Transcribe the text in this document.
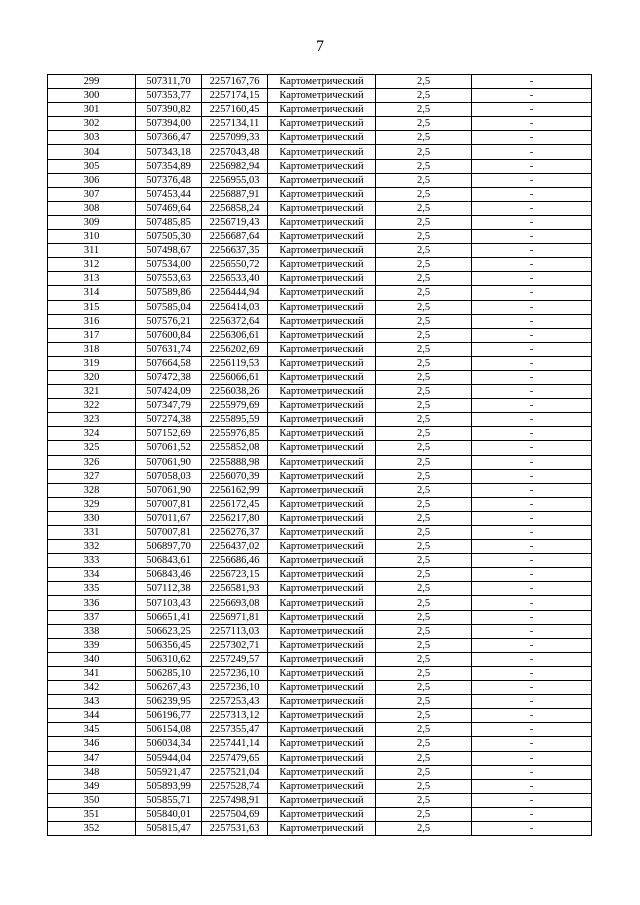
7
299	507311,70	2257167,76	Картометрический	2,5	-
300	507353,77	2257174,15	Картометрический	2,5	-
301	507390,82	2257160,45	Картометрический	2,5	-
302	507394,00	2257134,11	Картометрический	2,5	-
303	507366,47	2257099,33	Картометрический	2,5	-
304	507343,18	2257043,48	Картометрический	2,5	-
305	507354,89	2256982,94	Картометрический	2,5	-
306	507376,48	2256955,03	Картометрический	2,5	-
307	507453,44	2256887,91	Картометрический	2,5	-
308	507469,64	2256858,24	Картометрический	2,5	-
309	507485,85	2256719,43	Картометрический	2,5	-
310	507505,30	2256687,64	Картометрический	2,5	-
311	507498,67	2256637,35	Картометрический	2,5	-
312	507534,00	2256550,72	Картометрический	2,5	-
313	507553,63	2256533,40	Картометрический	2,5	-
314	507589,86	2256444,94	Картометрический	2,5	-
315	507585,04	2256414,03	Картометрический	2,5	-
316	507576,21	2256372,64	Картометрический	2,5	-
317	507600,84	2256306,61	Картометрический	2,5	-
318	507631,74	2256202,69	Картометрический	2,5	-
319	507664,58	2256119,53	Картометрический	2,5	-
320	507472,38	2256066,61	Картометрический	2,5	-
321	507424,09	2256038,26	Картометрический	2,5	-
322	507347,79	2255979,69	Картометрический	2,5	-
323	507274,38	2255895,59	Картометрический	2,5	-
324	507152,69	2255976,85	Картометрический	2,5	-
325	507061,52	2255852,08	Картометрический	2,5	-
326	507061,90	2255888,98	Картометрический	2,5	-
327	507058,03	2256070,39	Картометрический	2,5	-
328	507061,90	2256162,99	Картометрический	2,5	-
329	507007,81	2256172,45	Картометрический	2,5	-
330	507011,67	2256217,80	Картометрический	2,5	-
331	507007,81	2256276,37	Картометрический	2,5	-
332	506897,70	2256437,02	Картометрический	2,5	-
333	506843,61	2256686,46	Картометрический	2,5	-
334	506843,46	2256723,15	Картометрический	2,5	-
335	507112,38	2256581,93	Картометрический	2,5	-
336	507103,43	2256693,08	Картометрический	2,5	-
337	506651,41	2256971,81	Картометрический	2,5	-
338	506623,25	2257113,03	Картометрический	2,5	-
339	506356,45	2257302,71	Картометрический	2,5	-
340	506310,62	2257249,57	Картометрический	2,5	-
341	506285,10	2257236,10	Картометрический	2,5	-
342	506267,43	2257236,10	Картометрический	2,5	-
343	506239,95	2257253,43	Картометрический	2,5	-
344	506196,77	2257313,12	Картометрический	2,5	-
345	506154,08	2257355,47	Картометрический	2,5	-
346	506034,34	2257441,14	Картометрический	2,5	-
347	505944,04	2257479,65	Картометрический	2,5	-
348	505921,47	2257521,04	Картометрический	2,5	-
349	505893,99	2257528,74	Картометрический	2,5	-
350	505855,71	2257498,91	Картометрический	2,5	-
351	505840,01	2257504,69	Картометрический	2,5	-
352	505815,47	2257531,63	Картометрический	2,5	-
